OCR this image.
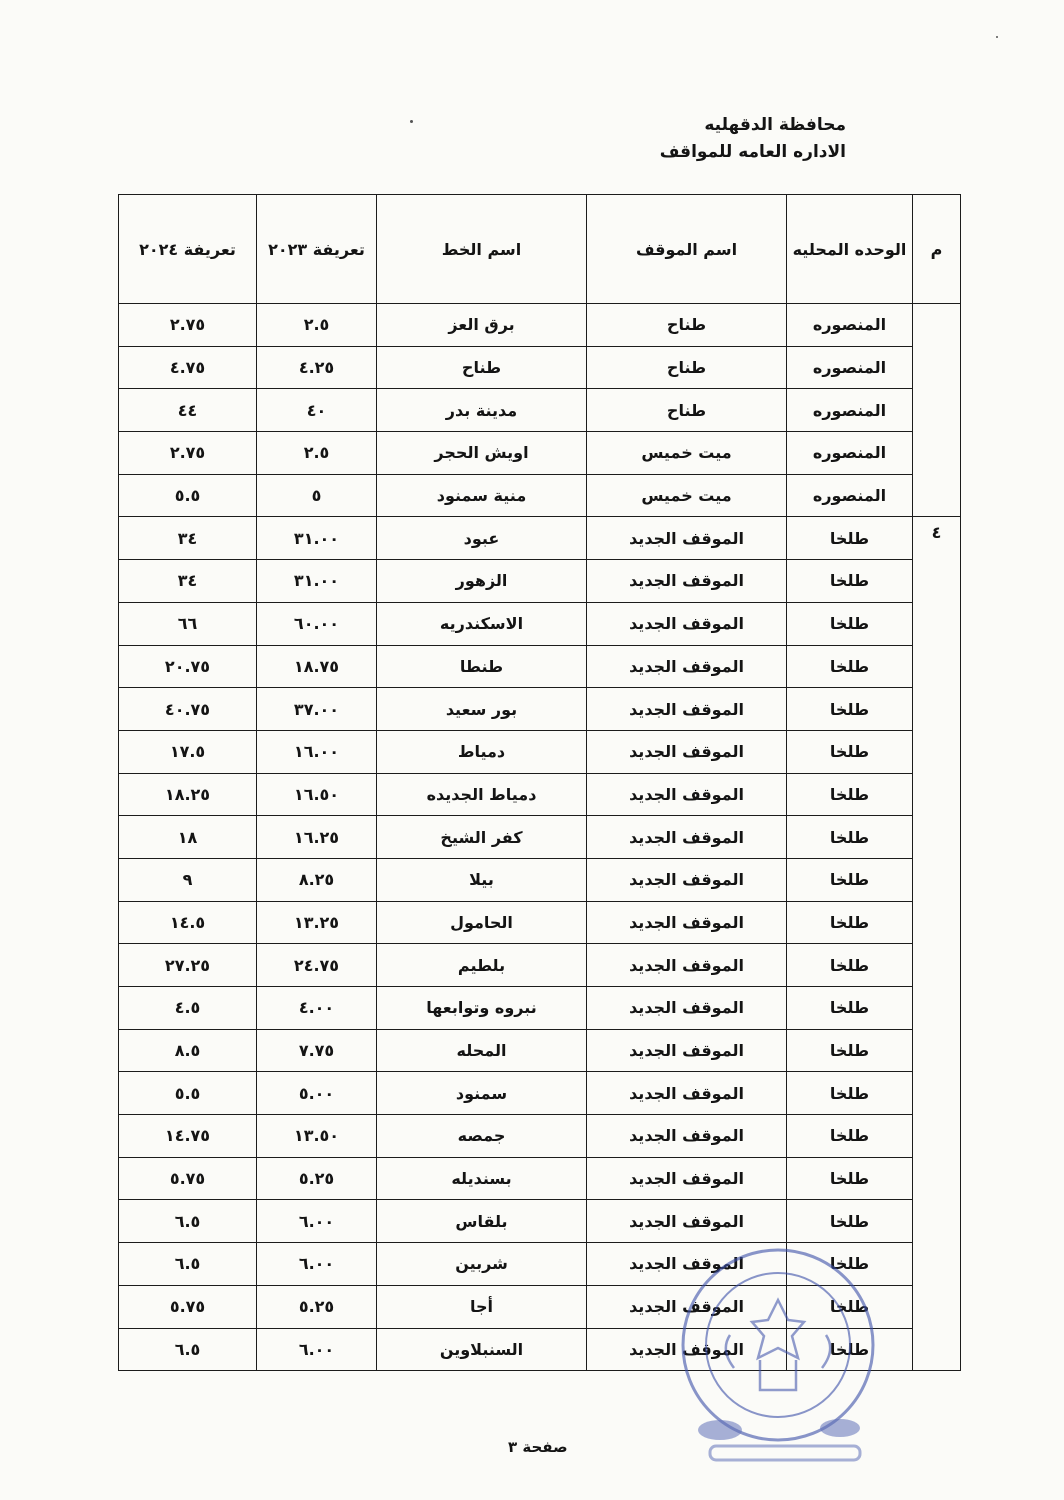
محافظة الدقهليه
الاداره العامه للمواقف
م	الوحده المحليه	اسم الموقف	اسم الخط	تعريفة ٢٠٢٣	تعريفة ٢٠٢٤
	المنصوره	طناح	برق العز	٢.٥	٢.٧٥
	المنصوره	طناح	طناح	٤.٢٥	٤.٧٥
	المنصوره	طناح	مدينة بدر	٤٠	٤٤
	المنصوره	ميت خميس	اويش الحجر	٢.٥	٢.٧٥
	المنصوره	ميت خميس	منية سمنود	٥	٥.٥
٤	طلخا	الموقف الجديد	عبود	٣١.٠٠	٣٤
	طلخا	الموقف الجديد	الزهور	٣١.٠٠	٣٤
	طلخا	الموقف الجديد	الاسكندريه	٦٠.٠٠	٦٦
	طلخا	الموقف الجديد	طنطا	١٨.٧٥	٢٠.٧٥
	طلخا	الموقف الجديد	بور سعيد	٣٧.٠٠	٤٠.٧٥
	طلخا	الموقف الجديد	دمياط	١٦.٠٠	١٧.٥
	طلخا	الموقف الجديد	دمياط الجديده	١٦.٥٠	١٨.٢٥
	طلخا	الموقف الجديد	كفر الشيخ	١٦.٢٥	١٨
	طلخا	الموقف الجديد	بيلا	٨.٢٥	٩
	طلخا	الموقف الجديد	الحامول	١٣.٢٥	١٤.٥
	طلخا	الموقف الجديد	بلطيم	٢٤.٧٥	٢٧.٢٥
	طلخا	الموقف الجديد	نبروه وتوابعها	٤.٠٠	٤.٥
	طلخا	الموقف الجديد	المحله	٧.٧٥	٨.٥
	طلخا	الموقف الجديد	سمنود	٥.٠٠	٥.٥
	طلخا	الموقف الجديد	جمصه	١٣.٥٠	١٤.٧٥
	طلخا	الموقف الجديد	بسنديله	٥.٢٥	٥.٧٥
	طلخا	الموقف الجديد	بلقاس	٦.٠٠	٦.٥
	طلخا	الموقف الجديد	شربين	٦.٠٠	٦.٥
	طلخا	الموقف الجديد	أجا	٥.٢٥	٥.٧٥
	طلخا	الموقف الجديد	السنبلاوين	٦.٠٠	٦.٥
صفحة ٣
